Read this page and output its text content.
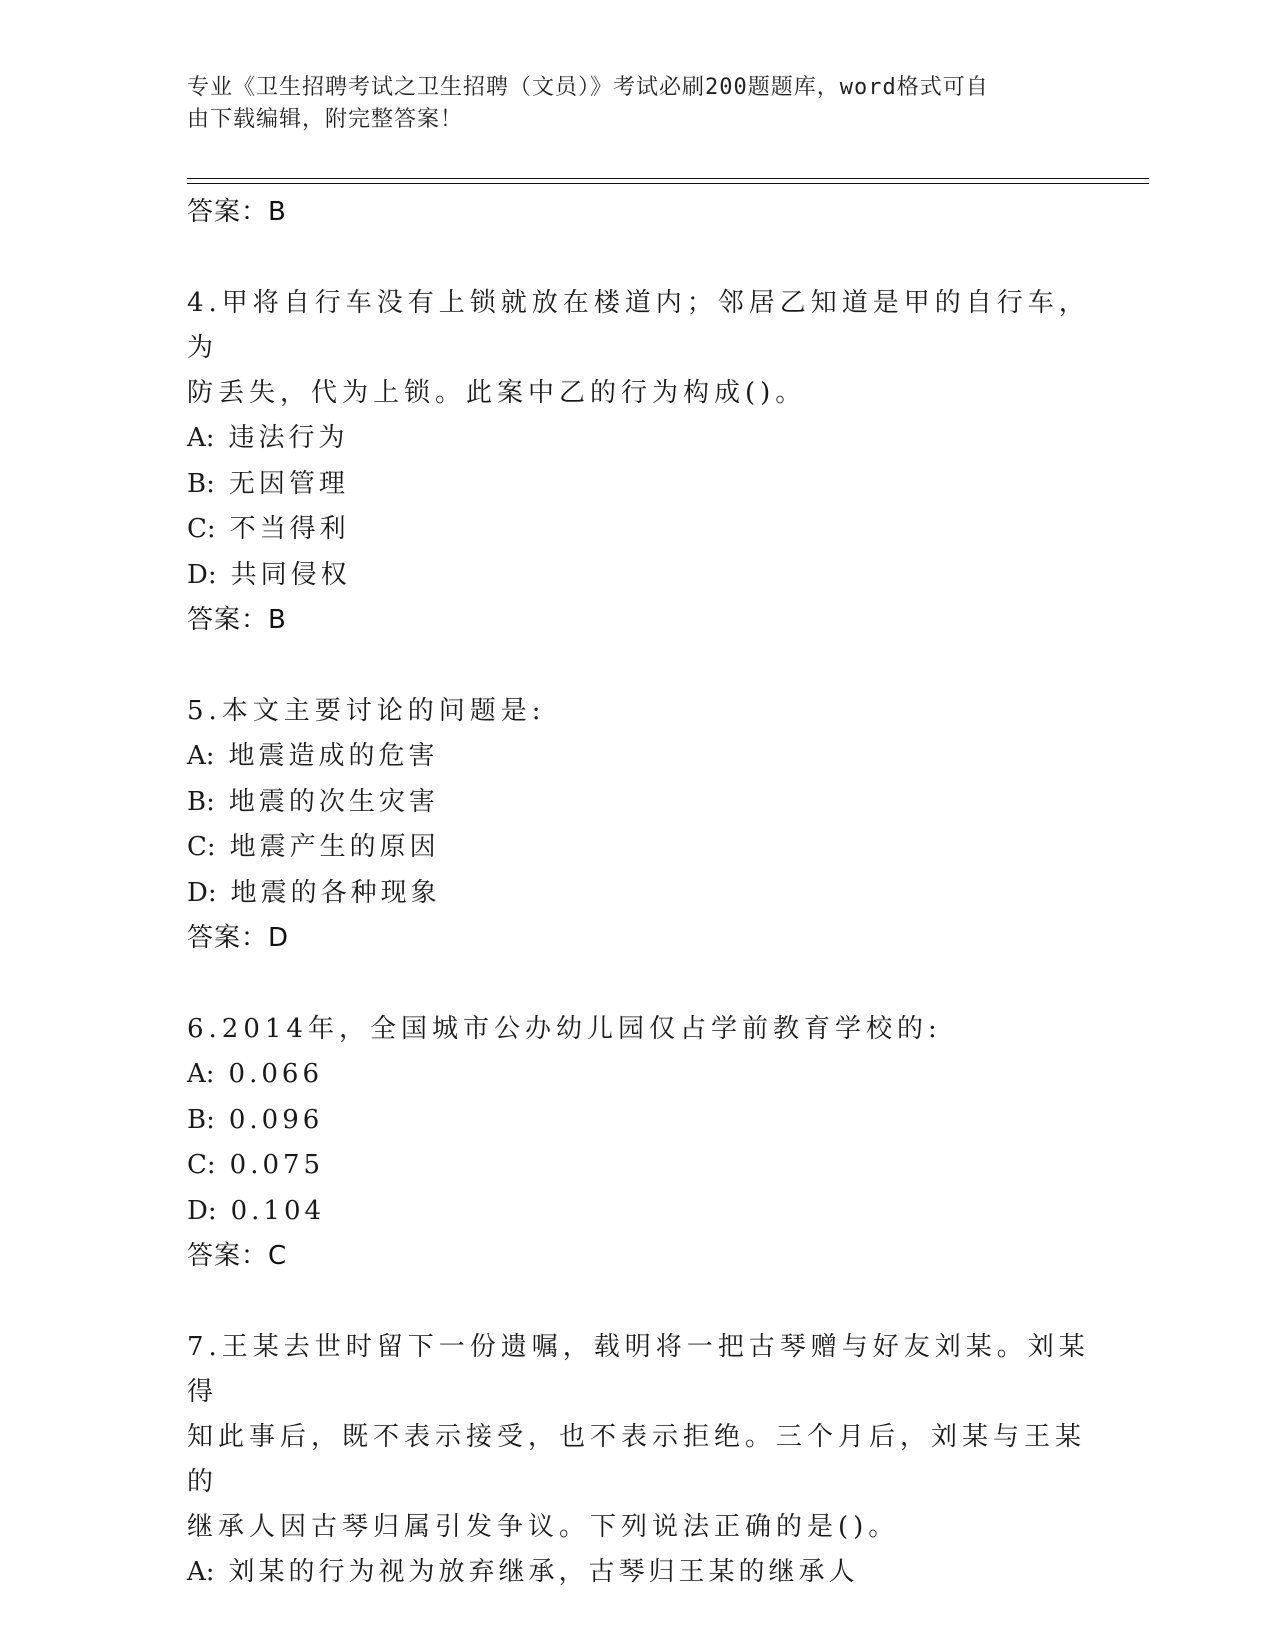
专业《卫生招聘考试之卫生招聘（文员）》考试必刷200题题库，word格式可自
由下载编辑，附完整答案！
答案：B
4.甲将自行车没有上锁就放在楼道内；邻居乙知道是甲的自行车，为
防丢失，代为上锁。此案中乙的行为构成()。
A: 违法行为
B: 无因管理
C: 不当得利
D: 共同侵权
答案：B
5.本文主要讨论的问题是:
A: 地震造成的危害
B: 地震的次生灾害
C: 地震产生的原因
D: 地震的各种现象
答案：D
6.2014年，全国城市公办幼儿园仅占学前教育学校的:
A: 0.066
B: 0.096
C: 0.075
D: 0.104
答案：C
7.王某去世时留下一份遗嘱，载明将一把古琴赠与好友刘某。刘某得
知此事后，既不表示接受，也不表示拒绝。三个月后，刘某与王某的
继承人因古琴归属引发争议。下列说法正确的是()。
A: 刘某的行为视为放弃继承，古琴归王某的继承人
